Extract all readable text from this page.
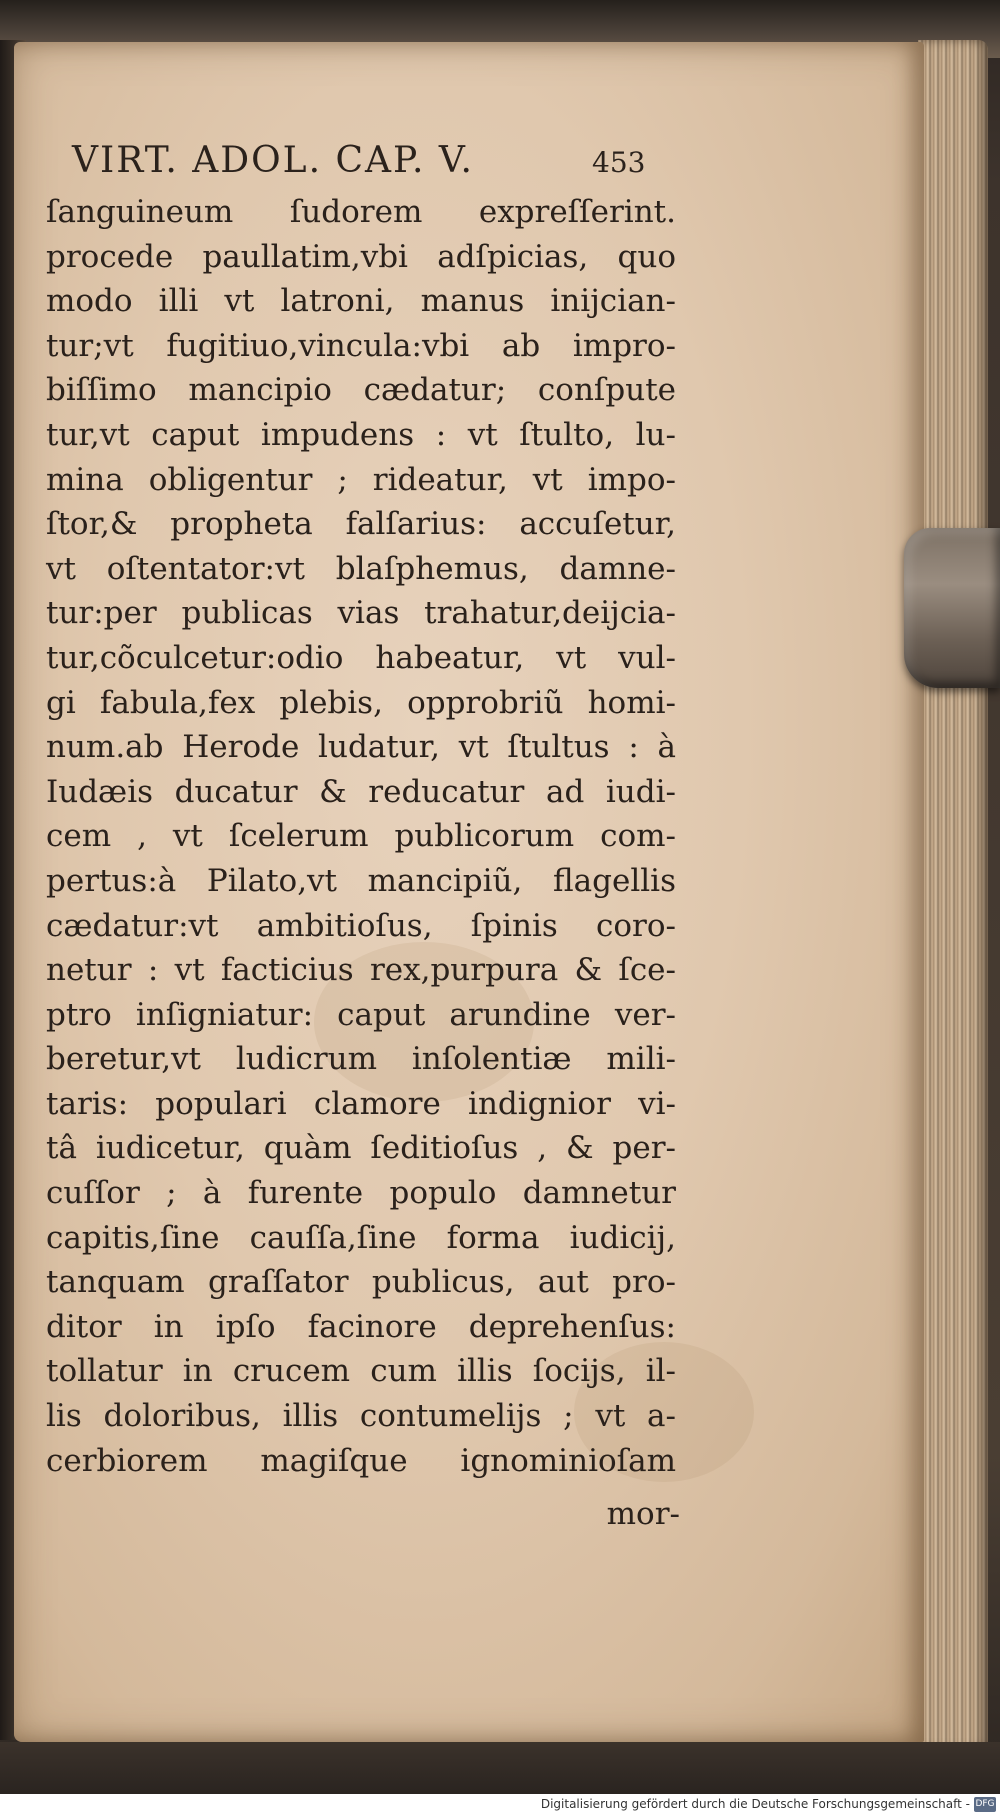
VIRT. ADOL. CAP. V.	453
ſanguineum ſudorem expreſſerint.
procede paullatim,vbi adſpicias, quo
modo illi vt latroni, manus inijcian-
tur;vt fugitiuo,vincula:vbi ab impro-
biſſimo mancipio cædatur; conſpute
tur,vt caput impudens : vt ſtulto, lu-
mina obligentur ; rideatur, vt impo-
ſtor,& propheta falſarius: accuſetur,
vt oſtentator:vt blaſphemus, damne-
tur:per publicas vias trahatur,deijcia-
tur,cõculcetur:odio habeatur, vt vul-
gi fabula,fex plebis, opprobriũ homi-
num.ab Herode ludatur, vt ſtultus : à
Iudæis ducatur & reducatur ad iudi-
cem , vt ſcelerum publicorum com-
pertus:à Pilato,vt mancipiũ, flagellis
cædatur:vt ambitioſus, ſpinis coro-
netur : vt facticius rex,purpura & ſce-
ptro inſigniatur: caput arundine ver-
beretur,vt ludicrum inſolentiæ mili-
taris: populari clamore indignior vi-
tâ iudicetur, quàm ſeditioſus , & per-
cuſſor ; à furente populo damnetur
capitis,ſine cauſſa,ſine forma iudicij,
tanquam graſſator publicus, aut pro-
ditor in ipſo facinore deprehenſus:
tollatur in crucem cum illis ſocijs, il-
lis doloribus, illis contumelijs ; vt a-
cerbiorem magiſque ignominioſam
mor-
Digitalisierung gefördert durch die Deutsche Forschungsgemeinschaft - DFG
